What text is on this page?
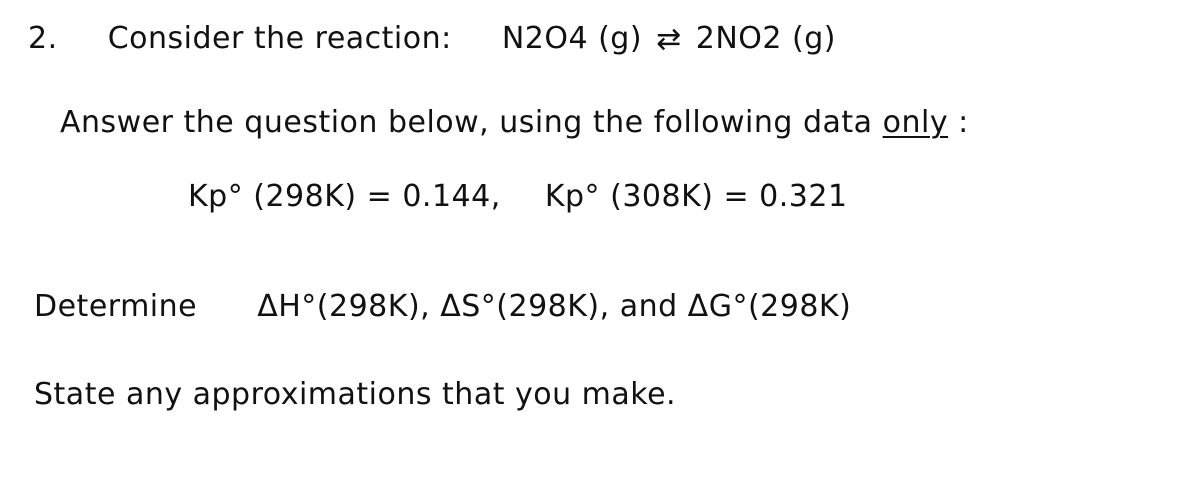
2. Consider the reaction: N2O4 (g) ⇄ 2NO2 (g)
Answer the question below, using the following data only :
Kp° (298K) = 0.144, Kp° (308K) = 0.321
Determine ΔH°(298K), ΔS°(298K), and ΔG°(298K)
State any approximations that you make.
